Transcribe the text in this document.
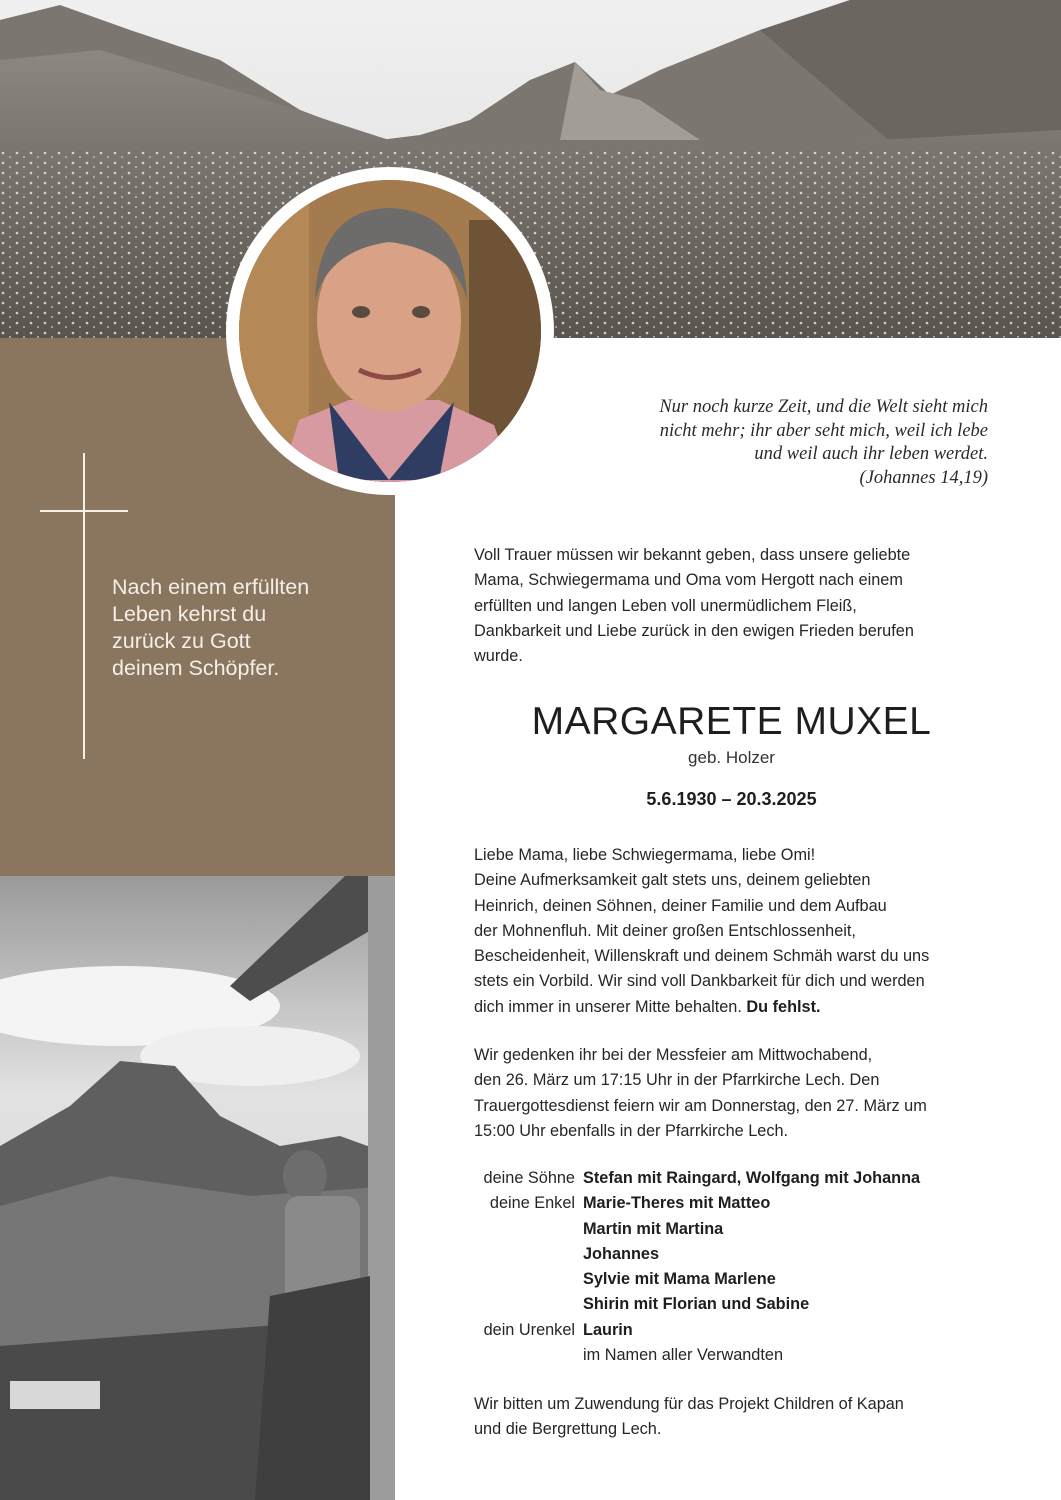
Nach einem erfüllten
Leben kehrst du
zurück zu Gott
deinem Schöpfer.
Nur noch kurze Zeit, und die Welt sieht mich
nicht mehr; ihr aber seht mich, weil ich lebe
und weil auch ihr leben werdet.
(Johannes 14,19)
Voll Trauer müssen wir bekannt geben, dass unsere geliebte
Mama, Schwiegermama und Oma vom Hergott nach einem
erfüllten und langen Leben voll unermüdlichem Fleiß,
Dankbarkeit und Liebe zurück in den ewigen Frieden berufen
wurde.
MARGARETE MUXEL
geb. Holzer
5.6.1930 – 20.3.2025
Liebe Mama, liebe Schwiegermama, liebe Omi!
Deine Aufmerksamkeit galt stets uns, deinem geliebten
Heinrich, deinen Söhnen, deiner Familie und dem Aufbau
der Mohnenfluh. Mit deiner großen Entschlossenheit,
Bescheidenheit, Willenskraft und deinem Schmäh warst du uns
stets ein Vorbild. Wir sind voll Dankbarkeit für dich und werden
dich immer in unserer Mitte behalten. Du fehlst.
Wir gedenken ihr bei der Messfeier am Mittwochabend,
den 26. März um 17:15 Uhr in der Pfarrkirche Lech. Den
Trauergottesdienst feiern wir am Donnerstag, den 27. März um
15:00 Uhr ebenfalls in der Pfarrkirche Lech.
deine Söhne Stefan mit Raingard, Wolfgang mit Johanna
deine Enkel Marie-Theres mit Matteo
Martin mit Martina
Johannes
Sylvie mit Mama Marlene
Shirin mit Florian und Sabine
dein Urenkel Laurin
im Namen aller Verwandten
Wir bitten um Zuwendung für das Projekt Children of Kapan
und die Bergrettung Lech.
